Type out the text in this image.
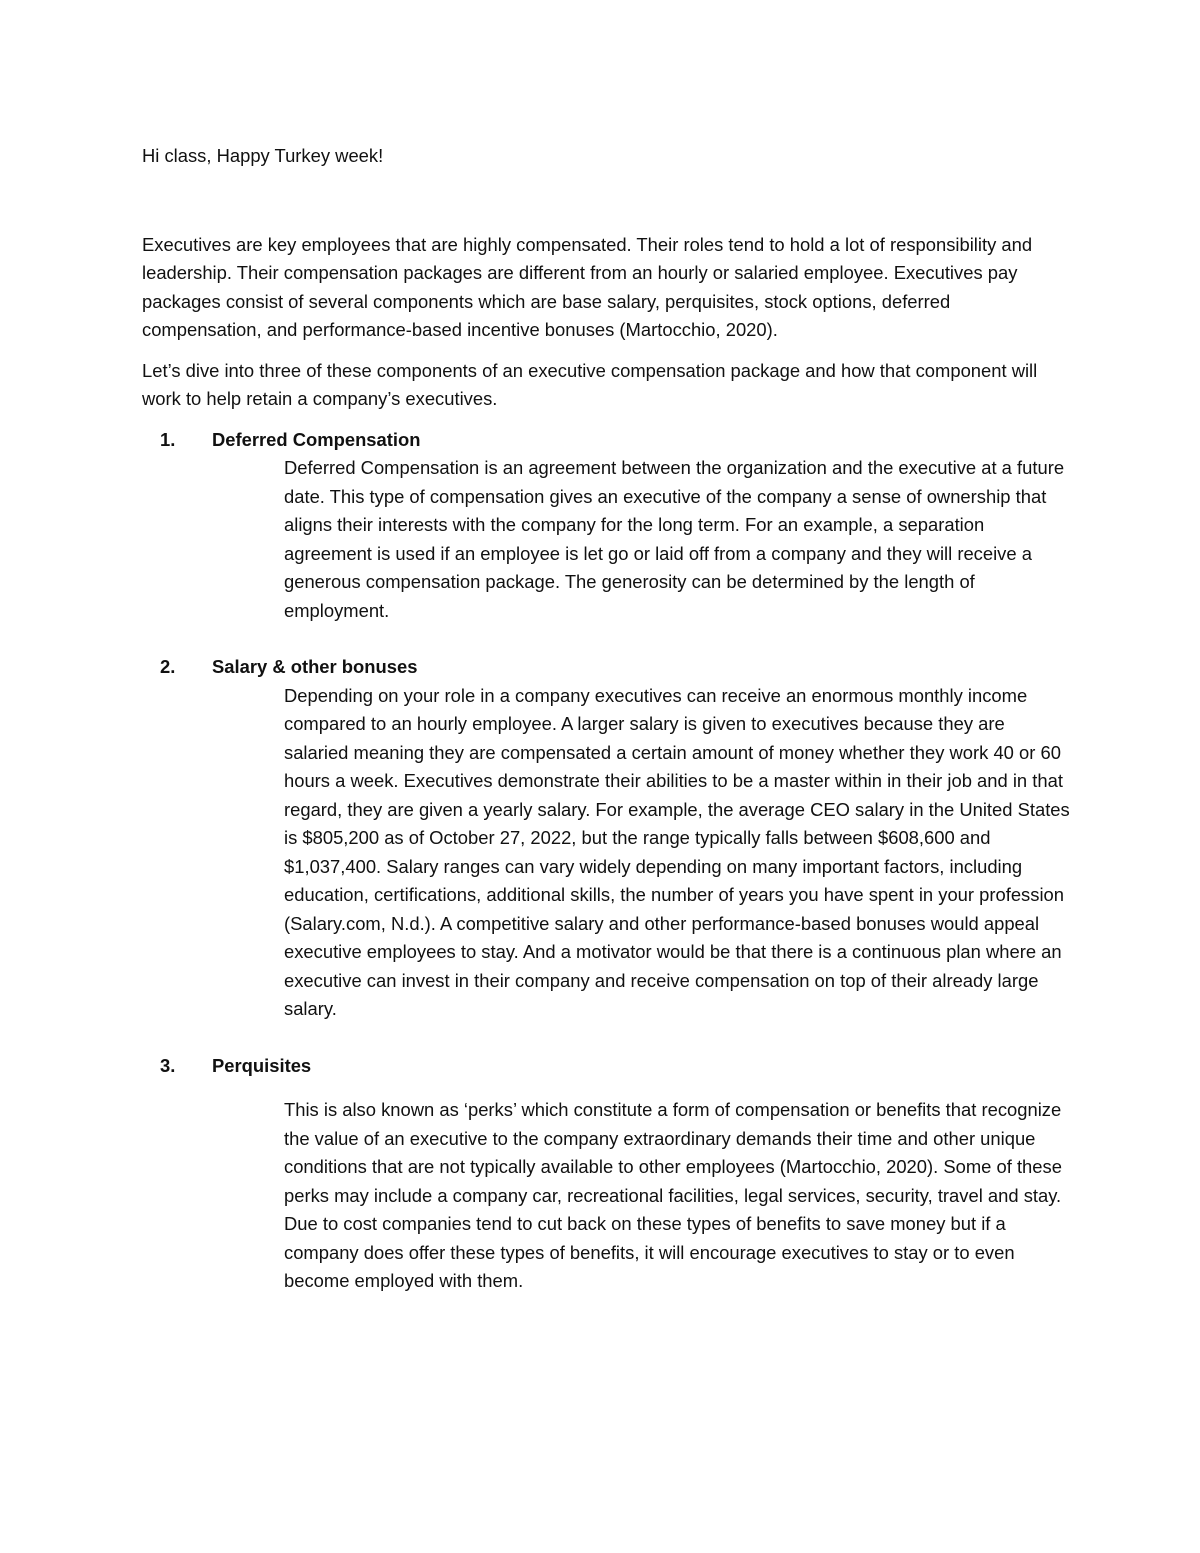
Hi class, Happy Turkey week!

Executives are key employees that are highly compensated. Their roles tend to hold a lot of responsibility and leadership. Their compensation packages are different from an hourly or salaried employee. Executives pay packages consist of several components which are base salary, perquisites, stock options, deferred compensation, and performance-based incentive bonuses (Martocchio, 2020).

Let’s dive into three of these components of an executive compensation package and how that component will work to help retain a company’s executives.

1.	Deferred Compensation

Deferred Compensation is an agreement between the organization and the executive at a future date. This type of compensation gives an executive of the company a sense of ownership that aligns their interests with the company for the long term. For an example, a separation agreement is used if an employee is let go or laid off from a company and they will receive a generous compensation package. The generosity can be determined by the length of employment.

2.	Salary & other bonuses

Depending on your role in a company executives can receive an enormous monthly income compared to an hourly employee. A larger salary is given to executives because they are salaried meaning they are compensated a certain amount of money whether they work 40 or 60 hours a week. Executives demonstrate their abilities to be a master within in their job and in that regard, they are given a yearly salary. For example, the average CEO salary in the United States is $805,200 as of October 27, 2022, but the range typically falls between $608,600 and $1,037,400. Salary ranges can vary widely depending on many important factors, including education, certifications, additional skills, the number of years you have spent in your profession (Salary.com, N.d.). A competitive salary and other performance-based bonuses would appeal executive employees to stay. And a motivator would be that there is a continuous plan where an executive can invest in their company and receive compensation on top of their already large salary.

3.	Perquisites

This is also known as ‘perks’ which constitute a form of compensation or benefits that recognize the value of an executive to the company extraordinary demands their time and other unique conditions that are not typically available to other employees (Martocchio, 2020). Some of these perks may include a company car, recreational facilities, legal services, security, travel and stay. Due to cost companies tend to cut back on these types of benefits to save money but if a company does offer these types of benefits, it will encourage executives to stay or to even become employed with them.
